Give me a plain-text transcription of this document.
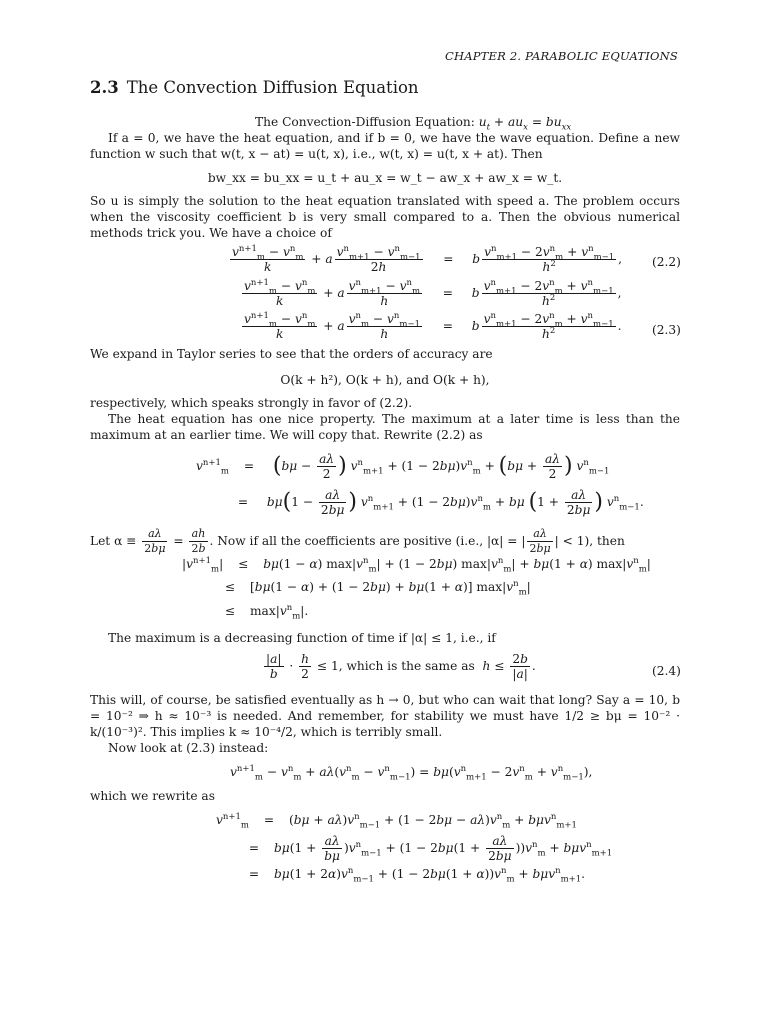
CHAPTER 2. PARABOLIC EQUATIONS
2.3 The Convection Diffusion Equation
The Convection-Diffusion Equation: $u_t + au_x = bu_{xx}$
If a = 0, we have the heat equation, and if b = 0, we have the wave equation. Define a new function w such that w(t, x − at) = u(t, x), i.e., w(t, x) = u(t, x + at). Then
bw_xx = bu_xx = u_t + au_x = w_t − aw_x + aw_x = w_t.
So u is simply the solution to the heat equation translated with speed a. The problem occurs when the viscosity coefficient b is very small compared to a. Then the obvious numerical methods trick you. We have a choice of
$\frac{v^{n+1}_m - v^n_m}{k} + a \frac{v^n_{m+1} - v^n_{m-1}}{2h} = b \frac{v^n_{m+1} - 2v^n_m + v^n_{m-1}}{h^2}$ , (2.2)
$\frac{v^{n+1}_m - v^n_m}{k} + a \frac{v^n_{m+1} - v^n_m}{h} = b \frac{v^n_{m+1} - 2v^n_m + v^n_{m-1}}{h^2}$ ,
$\frac{v^{n+1}_m - v^n_m}{k} + a \frac{v^n_m - v^n_{m-1}}{h} = b \frac{v^n_{m+1} - 2v^n_m + v^n_{m-1}}{h^2}$ .	(2.3)
We expand in Taylor series to see that the orders of accuracy are
O(k + h²), O(k + h), and O(k + h),
respectively, which speaks strongly in favor of (2.2).
The heat equation has one nice property. The maximum at a later time is less than the maximum at an earlier time. We will copy that. Rewrite (2.2) as
$v^{n+1}_m = (b\mu - \frac{a\lambda}{2}$ ) $v^n_{m+1} + (1 - 2b\mu)v^n_m + (b\mu + \frac{a\lambda}{2}$ ) $v^n_{m-1}$
= $b\mu(1 - \frac{a\lambda}{2b\mu}$ ) $v^n_{m+1} + (1 - 2b\mu)v^n_m + b\mu$ ($1 + \frac{a\lambda}{2b\mu}$ ) $v^n_{m-1}$.
Let $\alpha \equiv \frac{a\lambda}{2b\mu} = \frac{ah}{2b}$ . Now if all the coefficients are positive (i.e., |α| = | $\frac{a\lambda}{2b\mu}$ | < 1), then
$|v^{n+1}_m| \le b\mu(1 - \alpha) \max|v^n_m| + (1 - 2b\mu) \max|v^n_m| + b\mu(1 + \alpha)$ $\max|v^n_m|$
≤ [bμ(1 − α) + (1 − 2bμ) + bμ(1 + α)] $\max|v^n_m|$
≤ $\max|v^n_m|$.
The maximum is a decreasing function of time if |α| ≤ 1, i.e., if
$\frac{|a|}{b} \cdot \frac{h}{2} \le 1$, which is the same as $h \le \frac{2b}{|a|}$ .	(2.4)
This will, of course, be satisfied eventually as h → 0, but who can wait that long? Say a = 10, b = 10⁻² ⇒ h ≈ 10⁻³ is needed. And remember, for stability we must have 1/2 ≥ bμ = 10⁻² · k/(10⁻³)². This implies k ≈ 10⁻⁴/2, which is terribly small.
Now look at (2.3) instead:
$v^{n+1}_m - v^n_m + a\lambda(v^n_m - v^n_{m-1}) = b\mu(v^n_{m+1} - 2v^n_m + v^n_{m-1})$,
which we rewrite as
$v^{n+1}_m = (b\mu + a\lambda)v^n_{m-1} + (1 - 2b\mu - a\lambda)v^n_m + b\mu v^n_{m+1}$
= $b\mu(1 + \frac{a\lambda}{b\mu} )v^n_{m-1} + (1 - 2b\mu(1 + \frac{a\lambda}{2b\mu} ))v^n_m + b\mu v^n_{m+1}$
= $b\mu(1 + 2\alpha)v^n_{m-1} + (1 - 2b\mu(1 + \alpha))v^n_m + b\mu v^n_{m+1}$.
